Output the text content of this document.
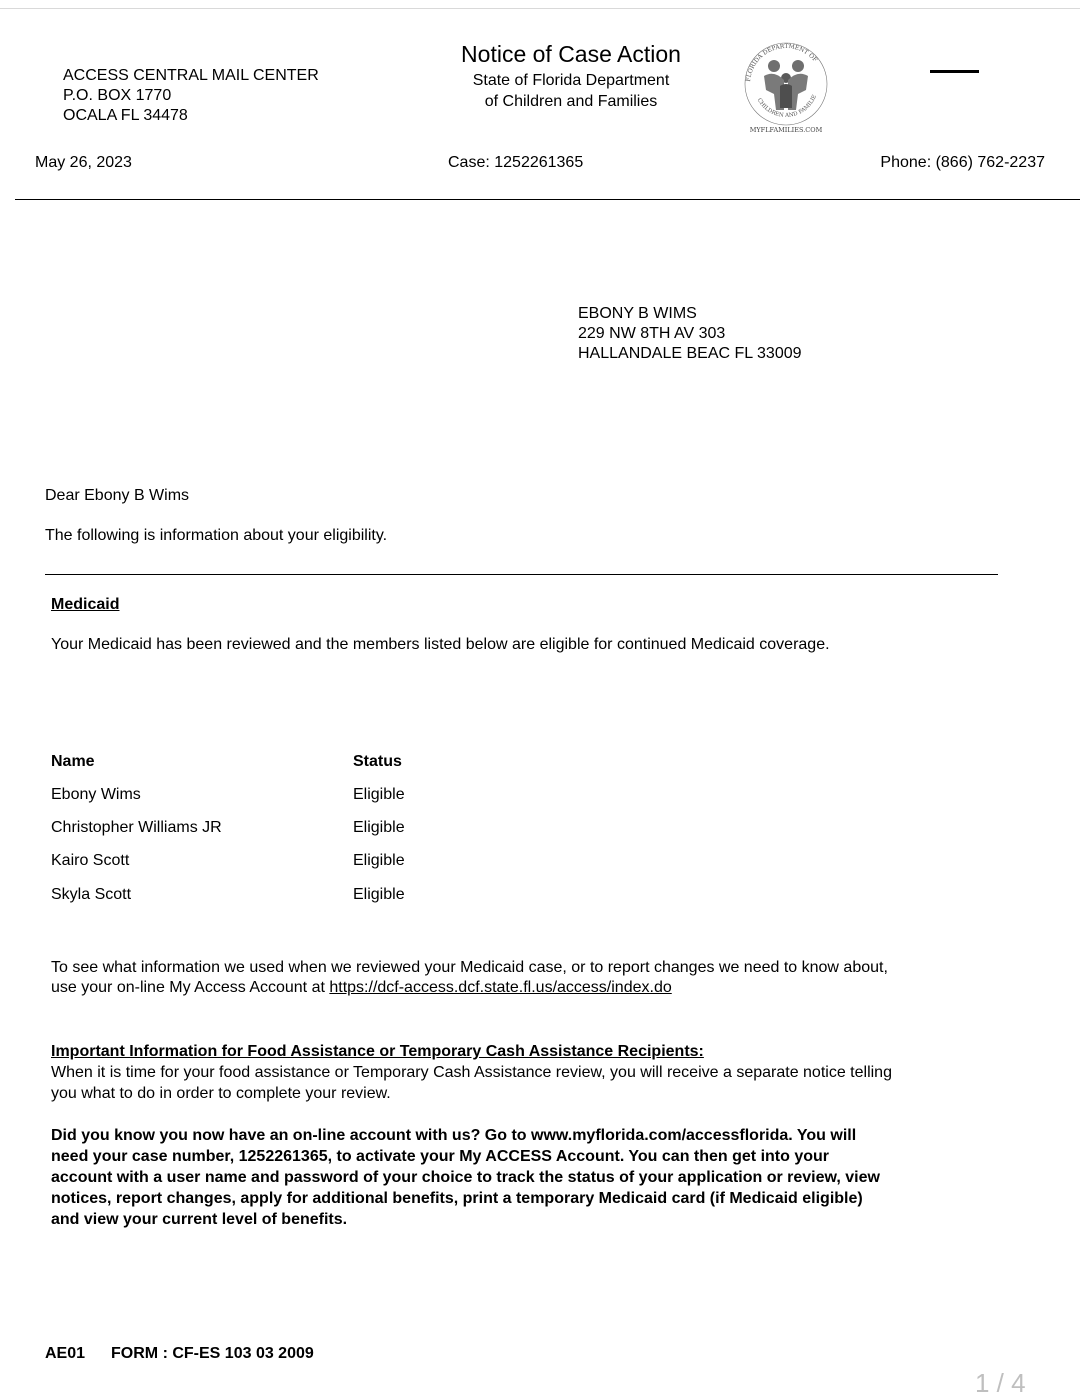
ACCESS CENTRAL MAIL CENTER
P.O. BOX 1770
OCALA FL 34478
Notice of Case Action
State of Florida Department
of Children and Families
FLORIDA DEPARTMENT OF
CHILDREN AND FAMILIE
MYFLFAMILIES.COM
May 26, 2023	Case: 1252261365	Phone: (866) 762-2237
EBONY B WIMS
229 NW 8TH AV 303
HALLANDALE BEAC FL 33009
Dear Ebony B Wims
The following is information about your eligibility.
Medicaid
Your Medicaid has been reviewed and the members listed below are eligible for continued Medicaid coverage.
Name	Status
Ebony Wims	Eligible
Christopher Williams JR	Eligible
Kairo Scott	Eligible
Skyla Scott	Eligible
To see what information we used when we reviewed your Medicaid case, or to report changes we need to know about,
use your on-line My Access Account at https://dcf-access.dcf.state.fl.us/access/index.do
Important Information for Food Assistance or Temporary Cash Assistance Recipients:
When it is time for your food assistance or Temporary Cash Assistance review, you will receive a separate notice telling
you what to do in order to complete your review.
Did you know you now have an on-line account with us? Go to www.myflorida.com/accessflorida. You will
need your case number, 1252261365, to activate your My ACCESS Account. You can then get into your
account with a user name and password of your choice to track the status of your application or review, view
notices, report changes, apply for additional benefits, print a temporary Medicaid card (if Medicaid eligible)
and view your current level of benefits.
AE01 FORM : CF-ES 103 03 2009
1 / 4
